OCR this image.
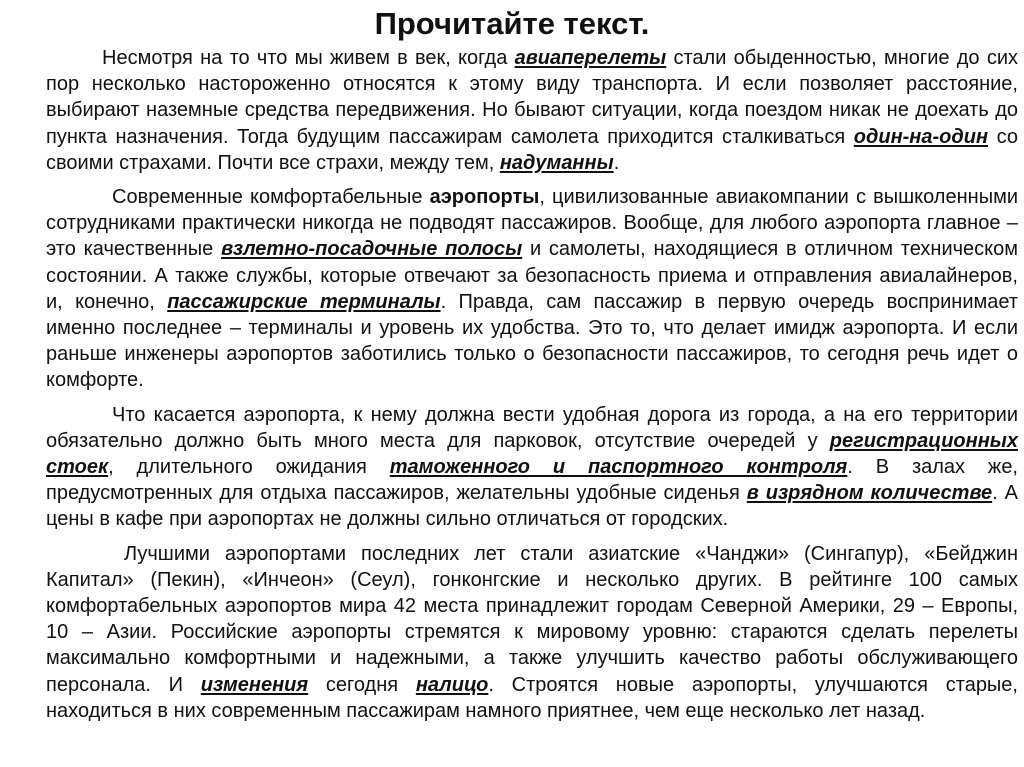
Прочитайте текст.

Несмотря на то что мы живем в век, когда авиаперелеты стали обыденностью, многие до сих пор несколько настороженно относятся к этому виду транспорта. И если позволяет расстояние, выбирают наземные средства передвижения. Но бывают ситуации, когда поездом никак не доехать до пункта назначения. Тогда будущим пассажирам самолета приходится сталкиваться один-на-один со своими страхами. Почти все страхи, между тем, надуманны.

Современные комфортабельные аэропорты, цивилизованные авиакомпании с вышколенными сотрудниками практически никогда не подводят пассажиров. Вообще, для любого аэропорта главное – это качественные взлетно-посадочные полосы и самолеты, находящиеся в отличном техническом состоянии. А также службы, которые отвечают за безопасность приема и отправления авиалайнеров, и, конечно, пассажирские терминалы. Правда, сам пассажир в первую очередь воспринимает именно последнее – терминалы и уровень их удобства. Это то, что делает имидж аэропорта. И если раньше инженеры аэропортов заботились только о безопасности пассажиров, то сегодня речь идет о комфорте.

Что касается аэропорта, к нему должна вести удобная дорога из города, а на его территории обязательно должно быть много места для парковок, отсутствие очередей у регистрационных стоек, длительного ожидания таможенного и паспортного контроля. В залах же, предусмотренных для отдыха пассажиров, желательны удобные сиденья в изрядном количестве. А цены в кафе при аэропортах не должны сильно отличаться от городских.

Лучшими аэропортами последних лет стали азиатские «Чанджи» (Сингапур), «Бейджин Капитал» (Пекин), «Инчеон» (Сеул), гонконгские и несколько других. В рейтинге 100 самых комфортабельных аэропортов мира 42 места принадлежит городам Северной Америки, 29 – Европы, 10 – Азии. Российские аэропорты стремятся к мировому уровню: стараются сделать перелеты максимально комфортными и надежными, а также улучшить качество работы обслуживающего персонала. И изменения сегодня налицо. Строятся новые аэропорты, улучшаются старые, находиться в них современным пассажирам намного приятнее, чем еще несколько лет назад.
